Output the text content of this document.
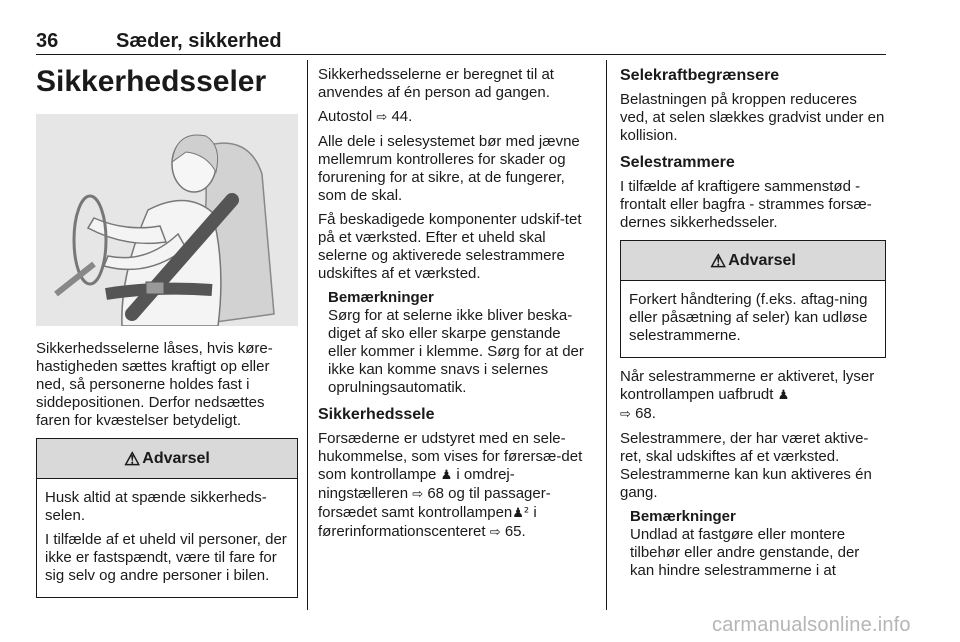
36	Sæder, sikkerhed
Sikkerhedsseler

Sikkerhedsselerne låses, hvis køre-hastigheden sættes kraftigt op eller ned, så personerne holdes fast i siddepositionen. Derfor nedsættes faren for kvæstelser betydeligt.

⚠ Advarsel

Husk altid at spænde sikkerheds-selen.

I tilfælde af et uheld vil personer, der ikke er fastspændt, være til fare for sig selv og andre personer i bilen.

Sikkerhedsselerne er beregnet til at anvendes af én person ad gangen.

Autostol ⇨ 44.

Alle dele i selesystemet bør med jævne mellemrum kontrolleres for skader og forurening for at sikre, at de fungerer, som de skal.

Få beskadigede komponenter udskif-tet på et værksted. Efter et uheld skal selerne og aktiverede selestrammere udskiftes af et værksted.

Bemærkninger
Sørg for at selerne ikke bliver beska-diget af sko eller skarpe genstande eller kommer i klemme. Sørg for at der ikke kan komme snavs i selernes oprulningsautomatik.
Sikkerhedssele

Forsæderne er udstyret med en sele-hukommelse, som vises for førersæ-det som kontrollampe ♟ i omdrej-ningstælleren ⇨ 68 og til passager-forsædet samt kontrollampen♟² i førerinformationscenteret ⇨ 65.

Selekraftbegrænsere

Belastningen på kroppen reduceres ved, at selen slækkes gradvist under en kollision.

Selestrammere

I tilfælde af kraftigere sammenstød - frontalt eller bagfra - strammes forsæ-dernes sikkerhedsseler.

⚠ Advarsel

Forkert håndtering (f.eks. aftag-ning eller påsætning af seler) kan udløse selestrammerne.

Når selestrammerne er aktiveret, lyser kontrollampen uafbrudt ♟
⇨ 68.

Selestrammere, der har været aktive-ret, skal udskiftes af et værksted. Selestrammerne kan kun aktiveres én gang.

Bemærkninger
Undlad at fastgøre eller montere tilbehør eller andre genstande, der kan hindre selestrammerne i at
carmanualsonline.info
